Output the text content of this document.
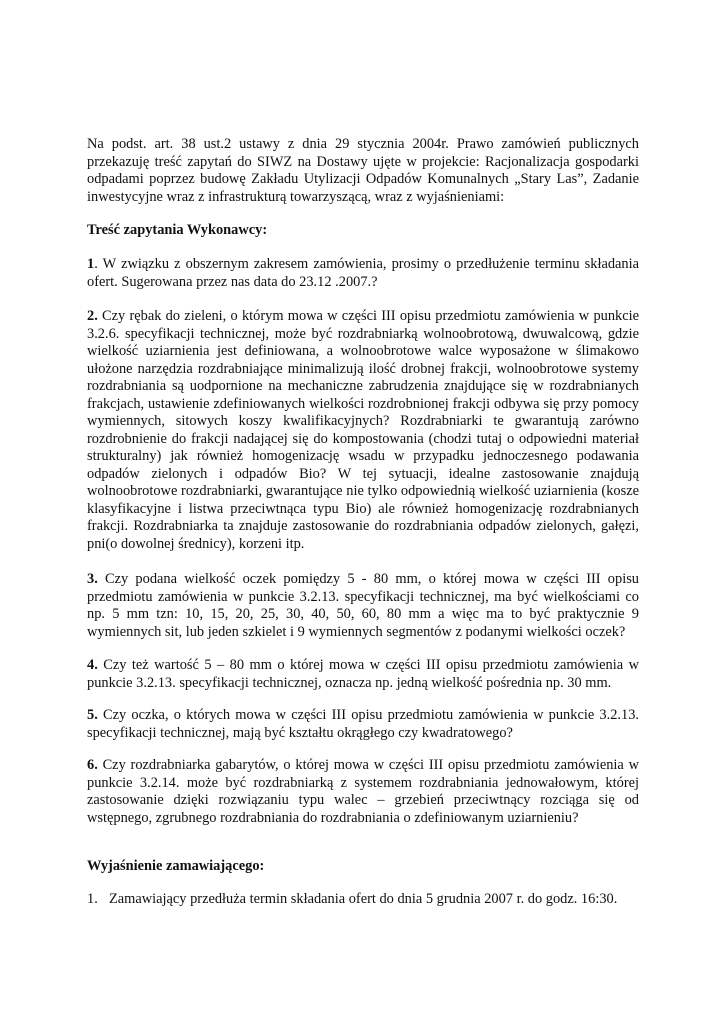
Na podst. art. 38 ust.2 ustawy z dnia 29 stycznia 2004r. Prawo zamówień publicznych przekazuję treść zapytań do SIWZ na Dostawy ujęte w projekcie: Racjonalizacja gospodarki odpadami poprzez budowę Zakładu Utylizacji Odpadów Komunalnych „Stary Las”, Zadanie inwestycyjne wraz z infrastrukturą towarzyszącą, wraz z wyjaśnieniami:

Treść zapytania Wykonawcy:

1. W związku z obszernym zakresem zamówienia, prosimy o przedłużenie terminu składania ofert. Sugerowana przez nas data do 23.12 .2007.?

2. Czy rębak do zieleni, o którym mowa w części III opisu przedmiotu zamówienia w punkcie 3.2.6. specyfikacji technicznej, może być rozdrabniarką wolnoobrotową, dwuwalcową, gdzie wielkość uziarnienia jest definiowana, a wolnoobrotowe walce wyposażone w ślimakowo ułożone narzędzia rozdrabniające minimalizują ilość drobnej frakcji, wolnoobrotowe systemy rozdrabniania są uodpornione na mechaniczne zabrudzenia znajdujące się w rozdrabnianych frakcjach, ustawienie zdefiniowanych wielkości rozdrobnionej frakcji odbywa się przy pomocy wymiennych, sitowych koszy kwalifikacyjnych? Rozdrabniarki te gwarantują zarówno rozdrobnienie do frakcji nadającej się do kompostowania (chodzi tutaj o odpowiedni materiał strukturalny) jak również homogenizację wsadu w przypadku jednoczesnego podawania odpadów zielonych i odpadów Bio? W tej sytuacji, idealne zastosowanie znajdują wolnoobrotowe rozdrabniarki, gwarantujące nie tylko odpowiednią wielkość uziarnienia (kosze klasyfikacyjne i listwa przeciwtnąca typu Bio) ale również homogenizację rozdrabnianych frakcji. Rozdrabniarka ta znajduje zastosowanie do rozdrabniania odpadów zielonych, gałęzi, pni(o dowolnej średnicy), korzeni itp.

3. Czy podana wielkość oczek pomiędzy 5 - 80 mm, o której mowa w części III opisu przedmiotu zamówienia w punkcie 3.2.13. specyfikacji technicznej, ma być wielkościami co np. 5 mm tzn: 10, 15, 20, 25, 30, 40, 50, 60, 80 mm a więc ma to być praktycznie 9 wymiennych sit, lub jeden szkielet i 9 wymiennych segmentów z podanymi wielkości oczek?

4. Czy też wartość 5 – 80 mm o której mowa w części III opisu przedmiotu zamówienia w punkcie 3.2.13. specyfikacji technicznej, oznacza np. jedną wielkość pośrednia np. 30 mm.

5. Czy oczka, o których mowa w części III opisu przedmiotu zamówienia w punkcie 3.2.13. specyfikacji technicznej, mają być kształtu okrągłego czy kwadratowego?

6. Czy rozdrabniarka gabarytów, o której mowa w części III opisu przedmiotu zamówienia w punkcie 3.2.14. może być rozdrabniarką z systemem rozdrabniania jednowałowym, której zastosowanie dzięki rozwiązaniu typu walec – grzebień przeciwtnący rozciąga się od wstępnego, zgrubnego rozdrabniania do rozdrabniania o zdefiniowanym uziarnieniu?

Wyjaśnienie zamawiającego:

1. Zamawiający przedłuża termin składania ofert do dnia 5 grudnia 2007 r. do godz. 16:30.
